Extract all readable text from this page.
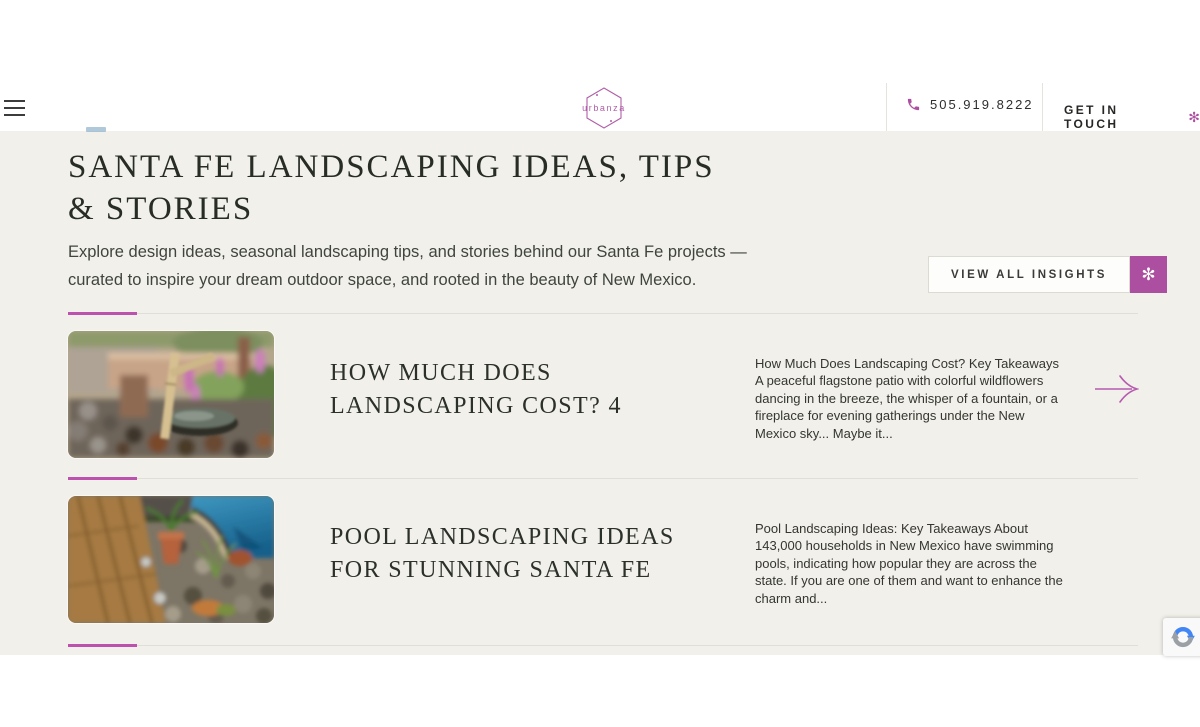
urbanza	505.919.8222	GET IN TOUCH	✻
SANTA FE LANDSCAPING IDEAS, TIPS
& STORIES
Explore design ideas, seasonal landscaping tips, and stories behind our Santa Fe projects — curated to inspire your dream outdoor space, and rooted in the beauty of New Mexico.	VIEW ALL INSIGHTS	✻
HOW MUCH DOES
LANDSCAPING COST? 4
How Much Does Landscaping Cost? Key Takeaways A peaceful flagstone patio with colorful wildflowers dancing in the breeze, the whisper of a fountain, or a fireplace for evening gatherings under the New Mexico sky... Maybe it...
POOL LANDSCAPING IDEAS
FOR STUNNING SANTA FE
Pool Landscaping Ideas: Key Takeaways About 143,000 households in New Mexico have swimming pools, indicating how popular they are across the state. If you are one of them and want to enhance the charm and...
